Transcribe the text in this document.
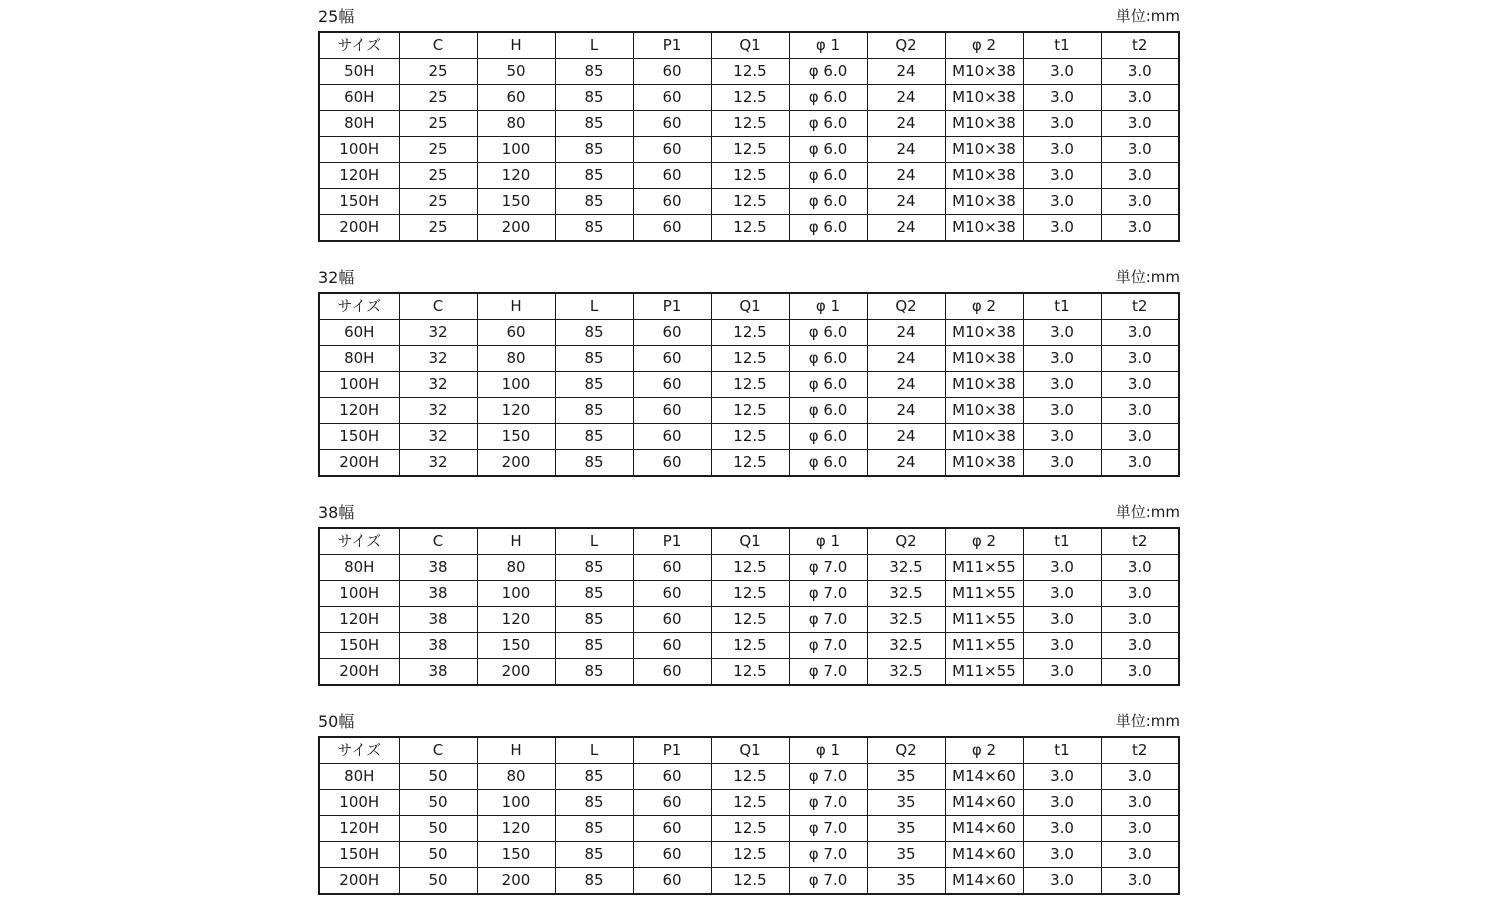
25幅	単位:mm
サイズ	C	H	L	P1	Q1	φ 1	Q2	φ 2	t1	t2
50H	25	50	85	60	12.5	φ 6.0	24	M10×38	3.0	3.0
60H	25	60	85	60	12.5	φ 6.0	24	M10×38	3.0	3.0
80H	25	80	85	60	12.5	φ 6.0	24	M10×38	3.0	3.0
100H	25	100	85	60	12.5	φ 6.0	24	M10×38	3.0	3.0
120H	25	120	85	60	12.5	φ 6.0	24	M10×38	3.0	3.0
150H	25	150	85	60	12.5	φ 6.0	24	M10×38	3.0	3.0
200H	25	200	85	60	12.5	φ 6.0	24	M10×38	3.0	3.0
32幅	単位:mm
サイズ	C	H	L	P1	Q1	φ 1	Q2	φ 2	t1	t2
60H	32	60	85	60	12.5	φ 6.0	24	M10×38	3.0	3.0
80H	32	80	85	60	12.5	φ 6.0	24	M10×38	3.0	3.0
100H	32	100	85	60	12.5	φ 6.0	24	M10×38	3.0	3.0
120H	32	120	85	60	12.5	φ 6.0	24	M10×38	3.0	3.0
150H	32	150	85	60	12.5	φ 6.0	24	M10×38	3.0	3.0
200H	32	200	85	60	12.5	φ 6.0	24	M10×38	3.0	3.0
38幅	単位:mm
サイズ	C	H	L	P1	Q1	φ 1	Q2	φ 2	t1	t2
80H	38	80	85	60	12.5	φ 7.0	32.5	M11×55	3.0	3.0
100H	38	100	85	60	12.5	φ 7.0	32.5	M11×55	3.0	3.0
120H	38	120	85	60	12.5	φ 7.0	32.5	M11×55	3.0	3.0
150H	38	150	85	60	12.5	φ 7.0	32.5	M11×55	3.0	3.0
200H	38	200	85	60	12.5	φ 7.0	32.5	M11×55	3.0	3.0
50幅	単位:mm
サイズ	C	H	L	P1	Q1	φ 1	Q2	φ 2	t1	t2
80H	50	80	85	60	12.5	φ 7.0	35	M14×60	3.0	3.0
100H	50	100	85	60	12.5	φ 7.0	35	M14×60	3.0	3.0
120H	50	120	85	60	12.5	φ 7.0	35	M14×60	3.0	3.0
150H	50	150	85	60	12.5	φ 7.0	35	M14×60	3.0	3.0
200H	50	200	85	60	12.5	φ 7.0	35	M14×60	3.0	3.0
